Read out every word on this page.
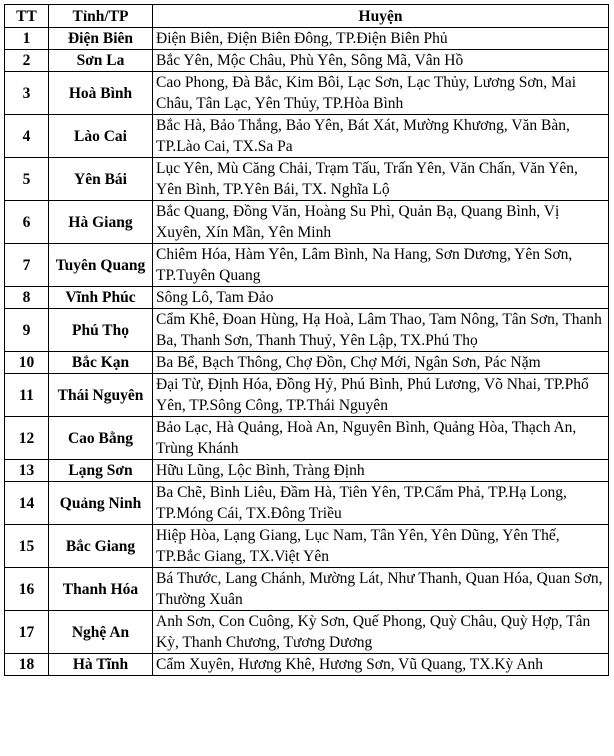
TT	Tỉnh/TP	Huyện
1	Điện Biên	Điện Biên, Điện Biên Đông, TP.Điện Biên Phủ
2	Sơn La	Bắc Yên, Mộc Châu, Phù Yên, Sông Mã, Vân Hồ
3	Hoà Bình	Cao Phong, Đà Bắc, Kim Bôi, Lạc Sơn, Lạc Thủy, Lương Sơn, Mai Châu, Tân Lạc, Yên Thủy, TP.Hòa Bình
4	Lào Cai	Bắc Hà, Bảo Thắng, Bảo Yên, Bát Xát, Mường Khương, Văn Bàn, TP.Lào Cai, TX.Sa Pa
5	Yên Bái	Lục Yên, Mù Căng Chải, Trạm Tấu, Trấn Yên, Văn Chấn, Văn Yên, Yên Bình, TP.Yên Bái, TX. Nghĩa Lộ
6	Hà Giang	Bắc Quang, Đồng Văn, Hoàng Su Phì, Quản Bạ, Quang Bình, Vị Xuyên, Xín Mần, Yên Minh
7	Tuyên Quang	Chiêm Hóa, Hàm Yên, Lâm Bình, Na Hang, Sơn Dương, Yên Sơn, TP.Tuyên Quang
8	Vĩnh Phúc	Sông Lô, Tam Đảo
9	Phú Thọ	Cẩm Khê, Đoan Hùng, Hạ Hoà, Lâm Thao, Tam Nông, Tân Sơn, Thanh Ba, Thanh Sơn, Thanh Thuỷ, Yên Lập, TX.Phú Thọ
10	Bắc Kạn	Ba Bể, Bạch Thông, Chợ Đồn, Chợ Mới, Ngân Sơn, Pác Nặm
11	Thái Nguyên	Đại Từ, Định Hóa, Đồng Hỷ, Phú Bình, Phú Lương, Võ Nhai, TP.Phổ Yên, TP.Sông Công, TP.Thái Nguyên
12	Cao Bằng	Bảo Lạc, Hà Quảng, Hoà An, Nguyên Bình, Quảng Hòa, Thạch An, Trùng Khánh
13	Lạng Sơn	Hữu Lũng, Lộc Bình, Tràng Định
14	Quảng Ninh	Ba Chẽ, Bình Liêu, Đầm Hà, Tiên Yên, TP.Cẩm Phả, TP.Hạ Long, TP.Móng Cái, TX.Đông Triều
15	Bắc Giang	Hiệp Hòa, Lạng Giang, Lục Nam, Tân Yên, Yên Dũng, Yên Thế, TP.Bắc Giang, TX.Việt Yên
16	Thanh Hóa	Bá Thước, Lang Chánh, Mường Lát, Như Thanh, Quan Hóa, Quan Sơn, Thường Xuân
17	Nghệ An	Anh Sơn, Con Cuông, Kỳ Sơn, Quế Phong, Quỳ Châu, Quỳ Hợp, Tân Kỳ, Thanh Chương, Tương Dương
18	Hà Tĩnh	Cẩm Xuyên, Hương Khê, Hương Sơn, Vũ Quang, TX.Kỳ Anh
